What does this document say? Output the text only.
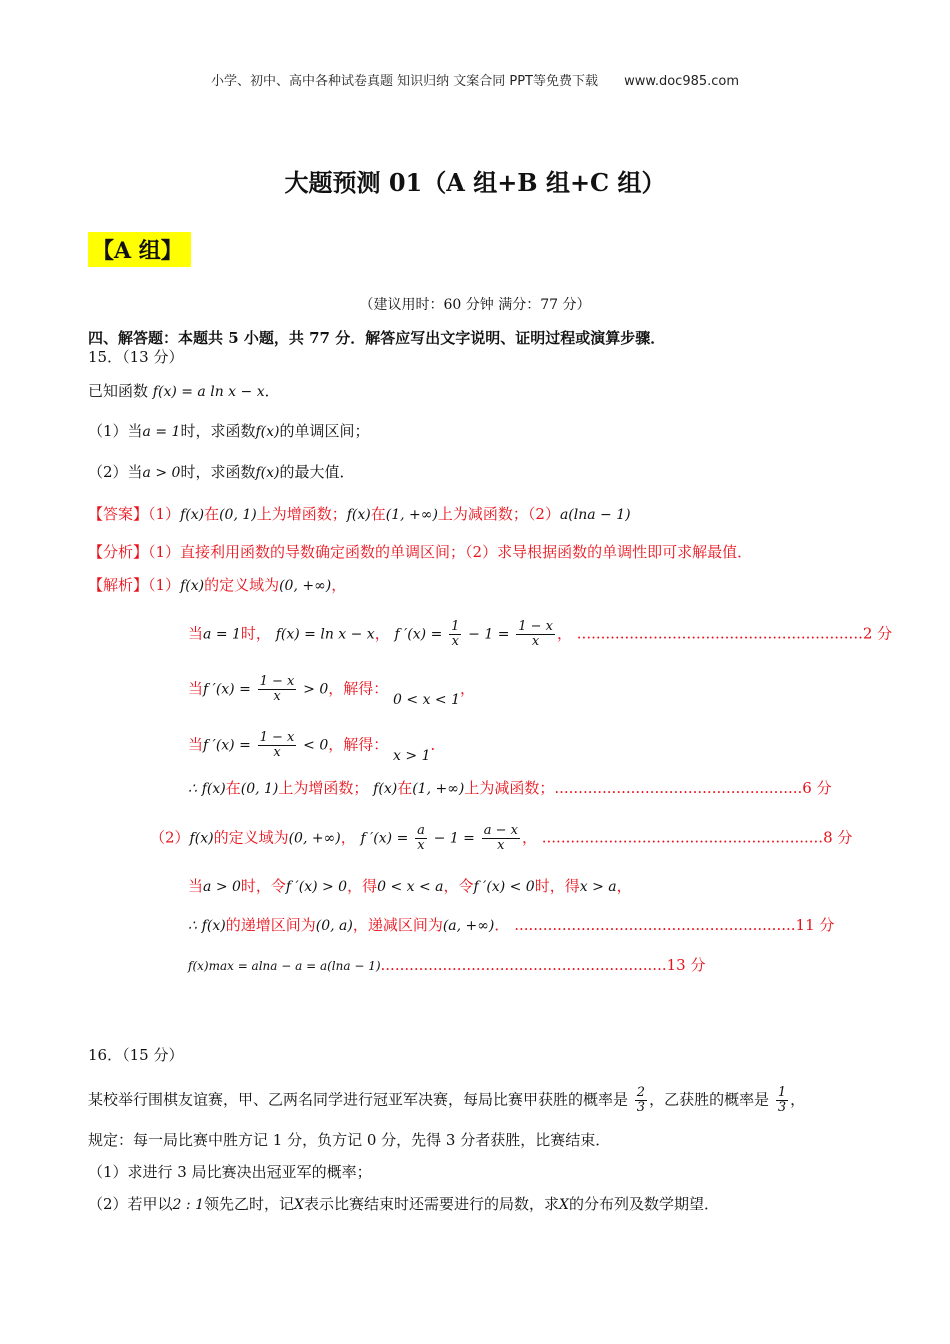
小学、初中、高中各种试卷真题 知识归纳 文案合同 PPT等免费下载 www.doc985.com
大题预测 01（A 组+B 组+C 组）
【A 组】
（建议用时：60 分钟 满分：77 分）
四、解答题：本题共 5 小题，共 77 分．解答应写出文字说明、证明过程或演算步骤．
15．（13 分）
已知函数 f(x) = a ln x − x．
（1）当a = 1时，求函数f(x)的单调区间；
（2）当a > 0时，求函数f(x)的最大值．
【答案】（1）f(x)在(0, 1)上为增函数；f(x)在(1, +∞)上为减函数；（2）a(lna − 1)
【分析】（1）直接利用函数的导数确定函数的单调区间；（2）求导根据函数的单调性即可求解最值．
【解析】（1）f(x)的定义域为(0, +∞)，
当a = 1时， f(x) = ln x − x， f $'(x) = \frac{1}{x} - 1 = \frac{1 - x}{x}$ ， ............................................................2 分
当f $'(x) = \frac{1 - x}{x} > 0$，解得： 0 < x < 1，
当f $'(x) = \frac{1 - x}{x} < 0$，解得： x > 1．
∴ f(x)在(0, 1)上为增函数； f(x)在(1, +∞)上为减函数；....................................................6 分
（2）f(x)的定义域为(0, +∞)， f $'(x) = \frac{a}{x} - 1 = \frac{a - x}{x}$ ， ...........................................................8 分
当a > 0时，令f ′(x) > 0，得0 < x < a，令f ′(x) < 0时，得x > a，
∴ f(x)的递增区间为(0, a)，递减区间为(a, +∞)． ...........................................................11 分
f(x)max = alna − a = a(lna − 1)............................................................13 分
16．（15 分）
某校举行围棋友谊赛，甲、乙两名同学进行冠亚军决赛，每局比赛甲获胜的概率是 $\frac{2}{3}$ ，乙获胜的概率是 $\frac{1}{3}$ ，
规定：每一局比赛中胜方记 1 分，负方记 0 分，先得 3 分者获胜，比赛结束．
（1）求进行 3 局比赛决出冠亚军的概率；
（2）若甲以2 : 1领先乙时，记X表示比赛结束时还需要进行的局数，求X的分布列及数学期望．
